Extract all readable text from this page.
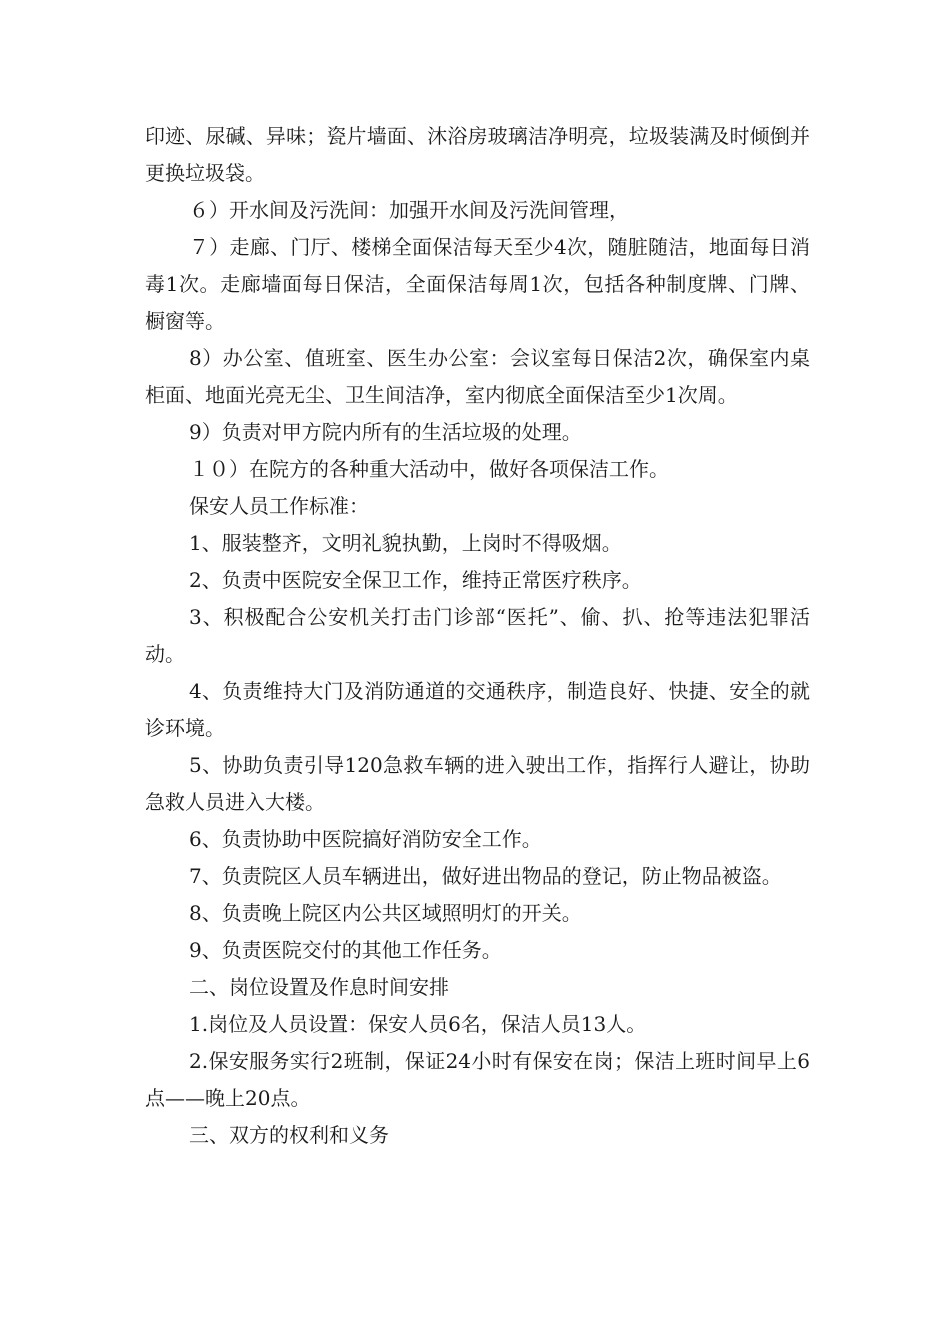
印迹、尿碱、异味；瓷片墙面、沐浴房玻璃洁净明亮，垃圾装满及时倾倒并更换垃圾袋。

６）开水间及污洗间：加强开水间及污洗间管理，

７）走廊、门厅、楼梯全面保洁每天至少4次，随脏随洁，地面每日消毒1次。走廊墙面每日保洁，全面保洁每周1次，包括各种制度牌、门牌、橱窗等。

8）办公室、值班室、医生办公室：会议室每日保洁2次，确保室内桌柜面、地面光亮无尘、卫生间洁净，室内彻底全面保洁至少1次周。

9）负责对甲方院内所有的生活垃圾的处理。

１０）在院方的各种重大活动中，做好各项保洁工作。

保安人员工作标准：

1、服装整齐，文明礼貌执勤，上岗时不得吸烟。

2、负责中医院安全保卫工作，维持正常医疗秩序。

3、积极配合公安机关打击门诊部“医托”、偷、扒、抢等违法犯罪活动。

4、负责维持大门及消防通道的交通秩序，制造良好、快捷、安全的就诊环境。

5、协助负责引导120急救车辆的进入驶出工作，指挥行人避让，协助急救人员进入大楼。

6、负责协助中医院搞好消防安全工作。

7、负责院区人员车辆进出，做好进出物品的登记，防止物品被盗。

8、负责晚上院区内公共区域照明灯的开关。

9、负责医院交付的其他工作任务。

二、岗位设置及作息时间安排

1.岗位及人员设置：保安人员6名，保洁人员13人。

2.保安服务实行2班制，保证24小时有保安在岗；保洁上班时间早上6点——晚上20点。

三、双方的权利和义务
